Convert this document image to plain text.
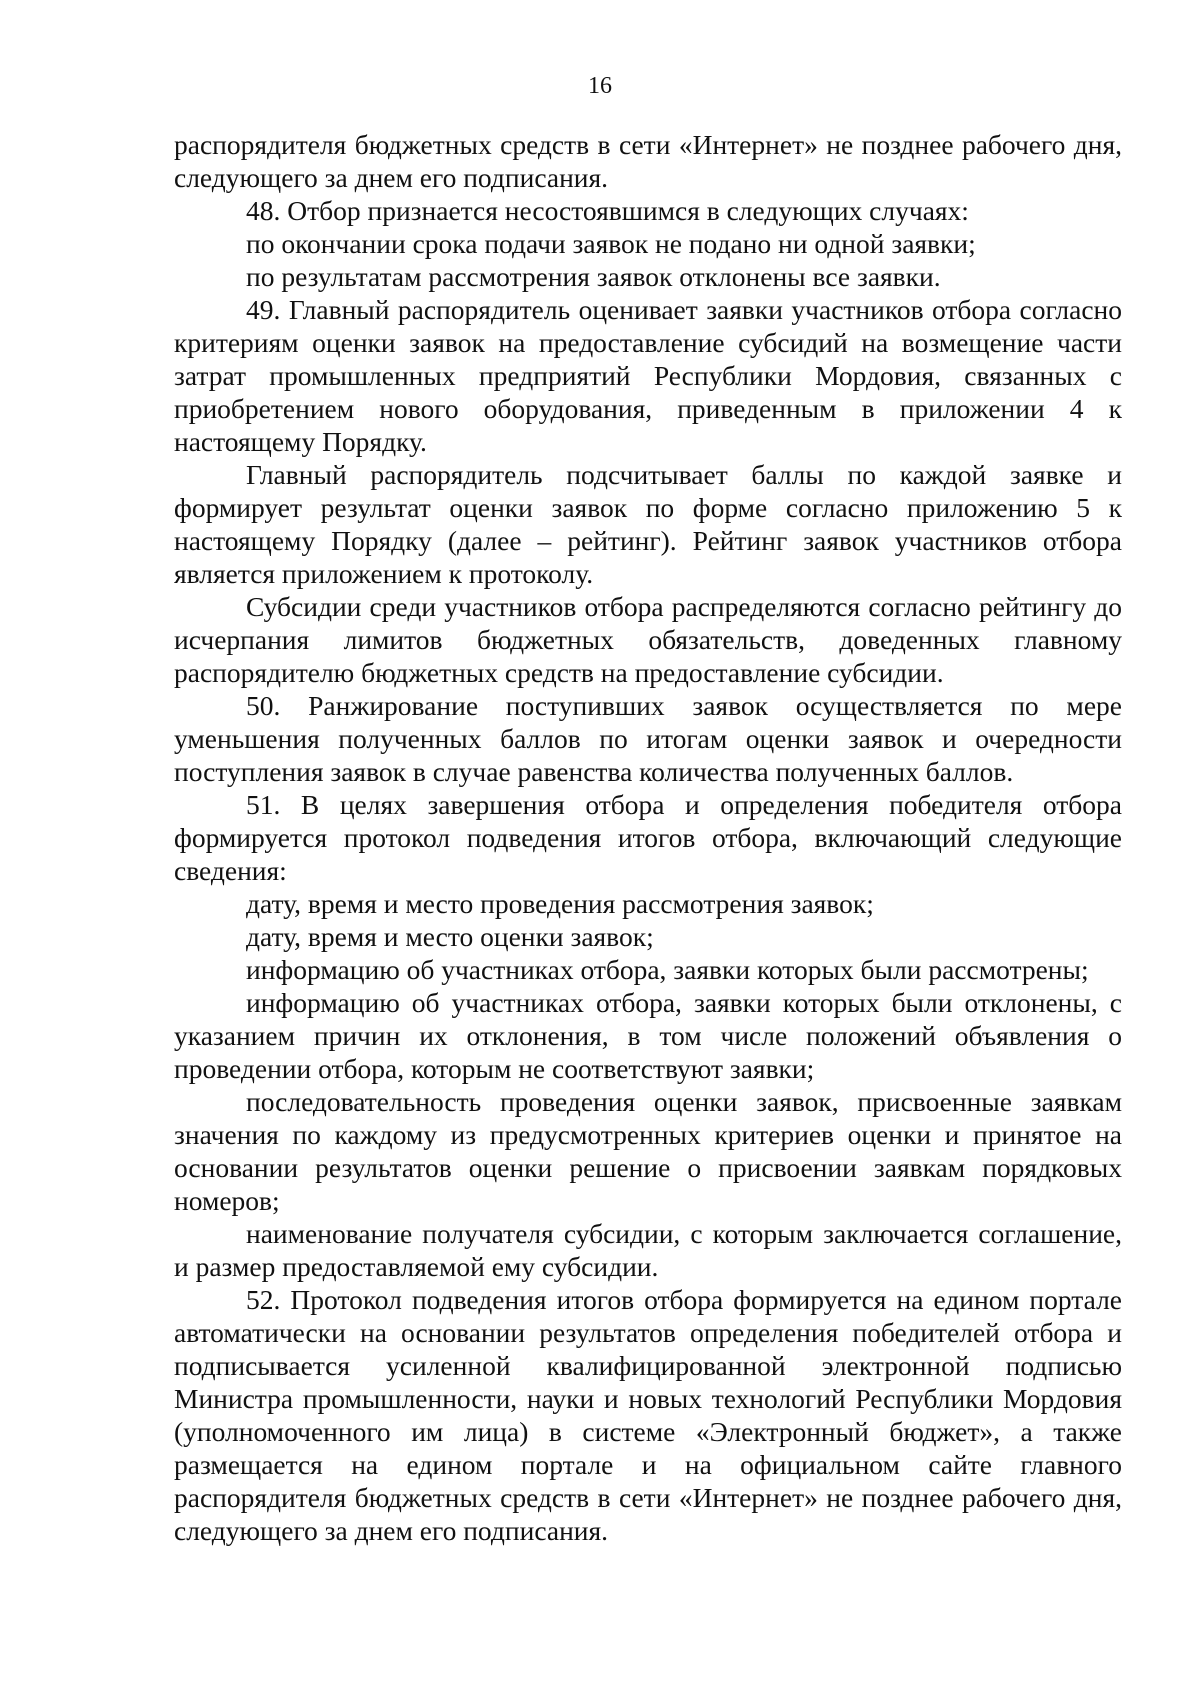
16

распорядителя бюджетных средств в сети «Интернет» не позднее рабочего дня, следующего за днем его подписания.

48. Отбор признается несостоявшимся в следующих случаях:

по окончании срока подачи заявок не подано ни одной заявки;

по результатам рассмотрения заявок отклонены все заявки.

49. Главный распорядитель оценивает заявки участников отбора согласно критериям оценки заявок на предоставление субсидий на возмещение части затрат промышленных предприятий Республики Мордовия, связанных с приобретением нового оборудования, приведенным в приложении 4 к настоящему Порядку.

Главный распорядитель подсчитывает баллы по каждой заявке и формирует результат оценки заявок по форме согласно приложению 5 к настоящему Порядку (далее – рейтинг). Рейтинг заявок участников отбора является приложением к протоколу.

Субсидии среди участников отбора распределяются согласно рейтингу до исчерпания лимитов бюджетных обязательств, доведенных главному распорядителю бюджетных средств на предоставление субсидии.

50. Ранжирование поступивших заявок осуществляется по мере уменьшения полученных баллов по итогам оценки заявок и очередности поступления заявок в случае равенства количества полученных баллов.

51. В целях завершения отбора и определения победителя отбора формируется протокол подведения итогов отбора, включающий следующие сведения:

дату, время и место проведения рассмотрения заявок;

дату, время и место оценки заявок;

информацию об участниках отбора, заявки которых были рассмотрены;

информацию об участниках отбора, заявки которых были отклонены, с указанием причин их отклонения, в том числе положений объявления о проведении отбора, которым не соответствуют заявки;

последовательность проведения оценки заявок, присвоенные заявкам значения по каждому из предусмотренных критериев оценки и принятое на основании результатов оценки решение о присвоении заявкам порядковых номеров;

наименование получателя субсидии, с которым заключается соглашение, и размер предоставляемой ему субсидии.

52. Протокол подведения итогов отбора формируется на едином портале автоматически на основании результатов определения победителей отбора и подписывается усиленной квалифицированной электронной подписью Министра промышленности, науки и новых технологий Республики Мордовия (уполномоченного им лица) в системе «Электронный бюджет», а также размещается на едином портале и на официальном сайте главного распорядителя бюджетных средств в сети «Интернет» не позднее рабочего дня, следующего за днем его подписания.
